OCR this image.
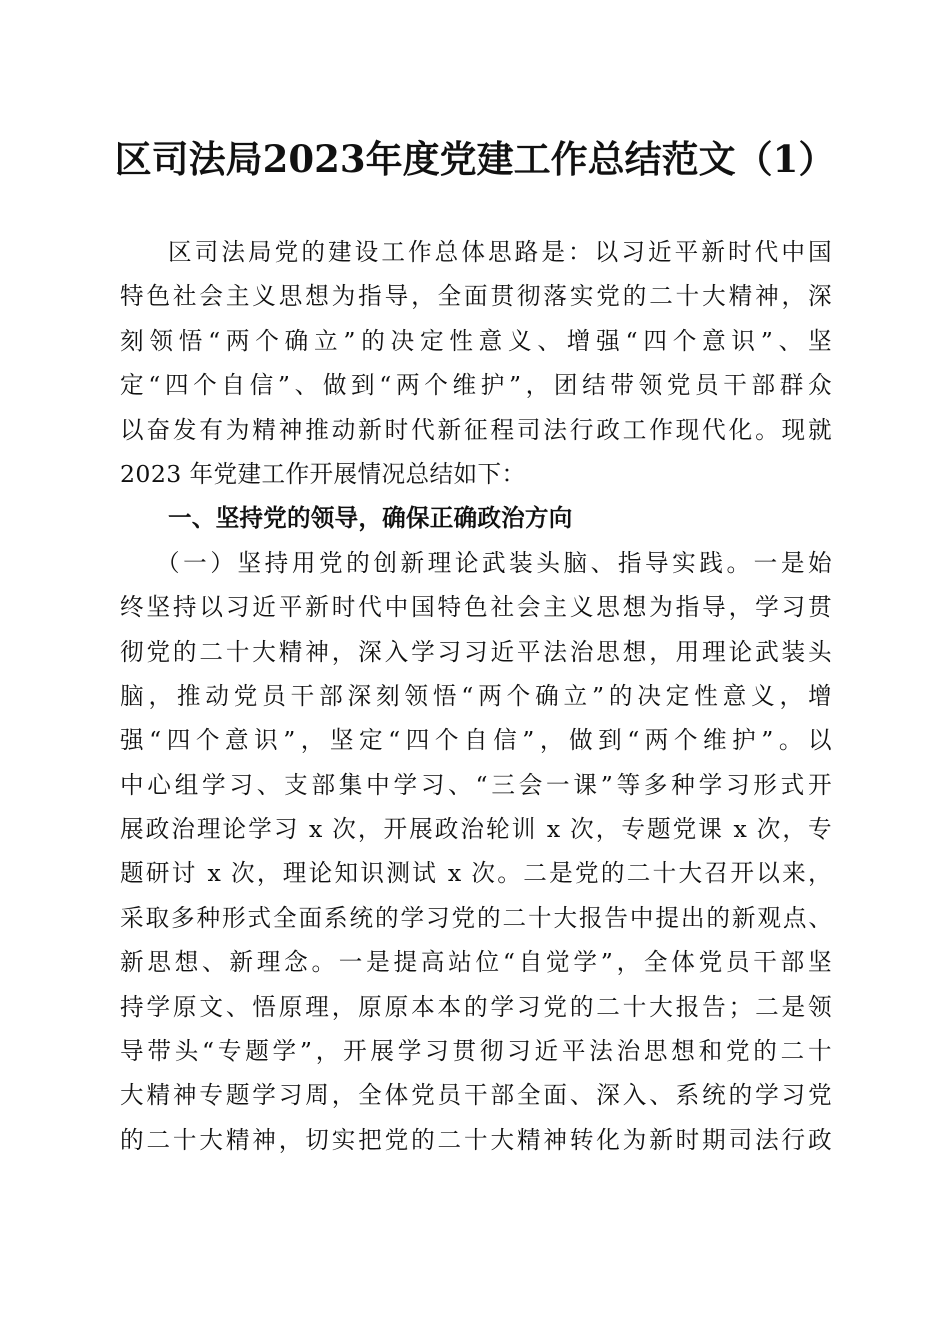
区司法局2023年度党建工作总结范文（1）
区司法局党的建设工作总体思路是：以习近平新时代中国
特色社会主义思想为指导，全面贯彻落实党的二十大精神，深
刻领悟“两个确立”的决定性意义、增强“四个意识”、坚
定“四个自信”、做到“两个维护”，团结带领党员干部群众
以奋发有为精神推动新时代新征程司法行政工作现代化。现就
2023 年党建工作开展情况总结如下：
一、坚持党的领导，确保正确政治方向
（一）坚持用党的创新理论武装头脑、指导实践。一是始
终坚持以习近平新时代中国特色社会主义思想为指导，学习贯
彻党的二十大精神，深入学习习近平法治思想，用理论武装头
脑，推动党员干部深刻领悟“两个确立”的决定性意义，增
强“四个意识”，坚定“四个自信”，做到“两个维护”。以
中心组学习、支部集中学习、“三会一课”等多种学习形式开
展政治理论学习 x 次，开展政治轮训 x 次，专题党课 x 次，专
题研讨 x 次，理论知识测试 x 次。二是党的二十大召开以来，
采取多种形式全面系统的学习党的二十大报告中提出的新观点、
新思想、新理念。一是提高站位“自觉学”，全体党员干部坚
持学原文、悟原理，原原本本的学习党的二十大报告；二是领
导带头“专题学”，开展学习贯彻习近平法治思想和党的二十
大精神专题学习周，全体党员干部全面、深入、系统的学习党
的二十大精神，切实把党的二十大精神转化为新时期司法行政
